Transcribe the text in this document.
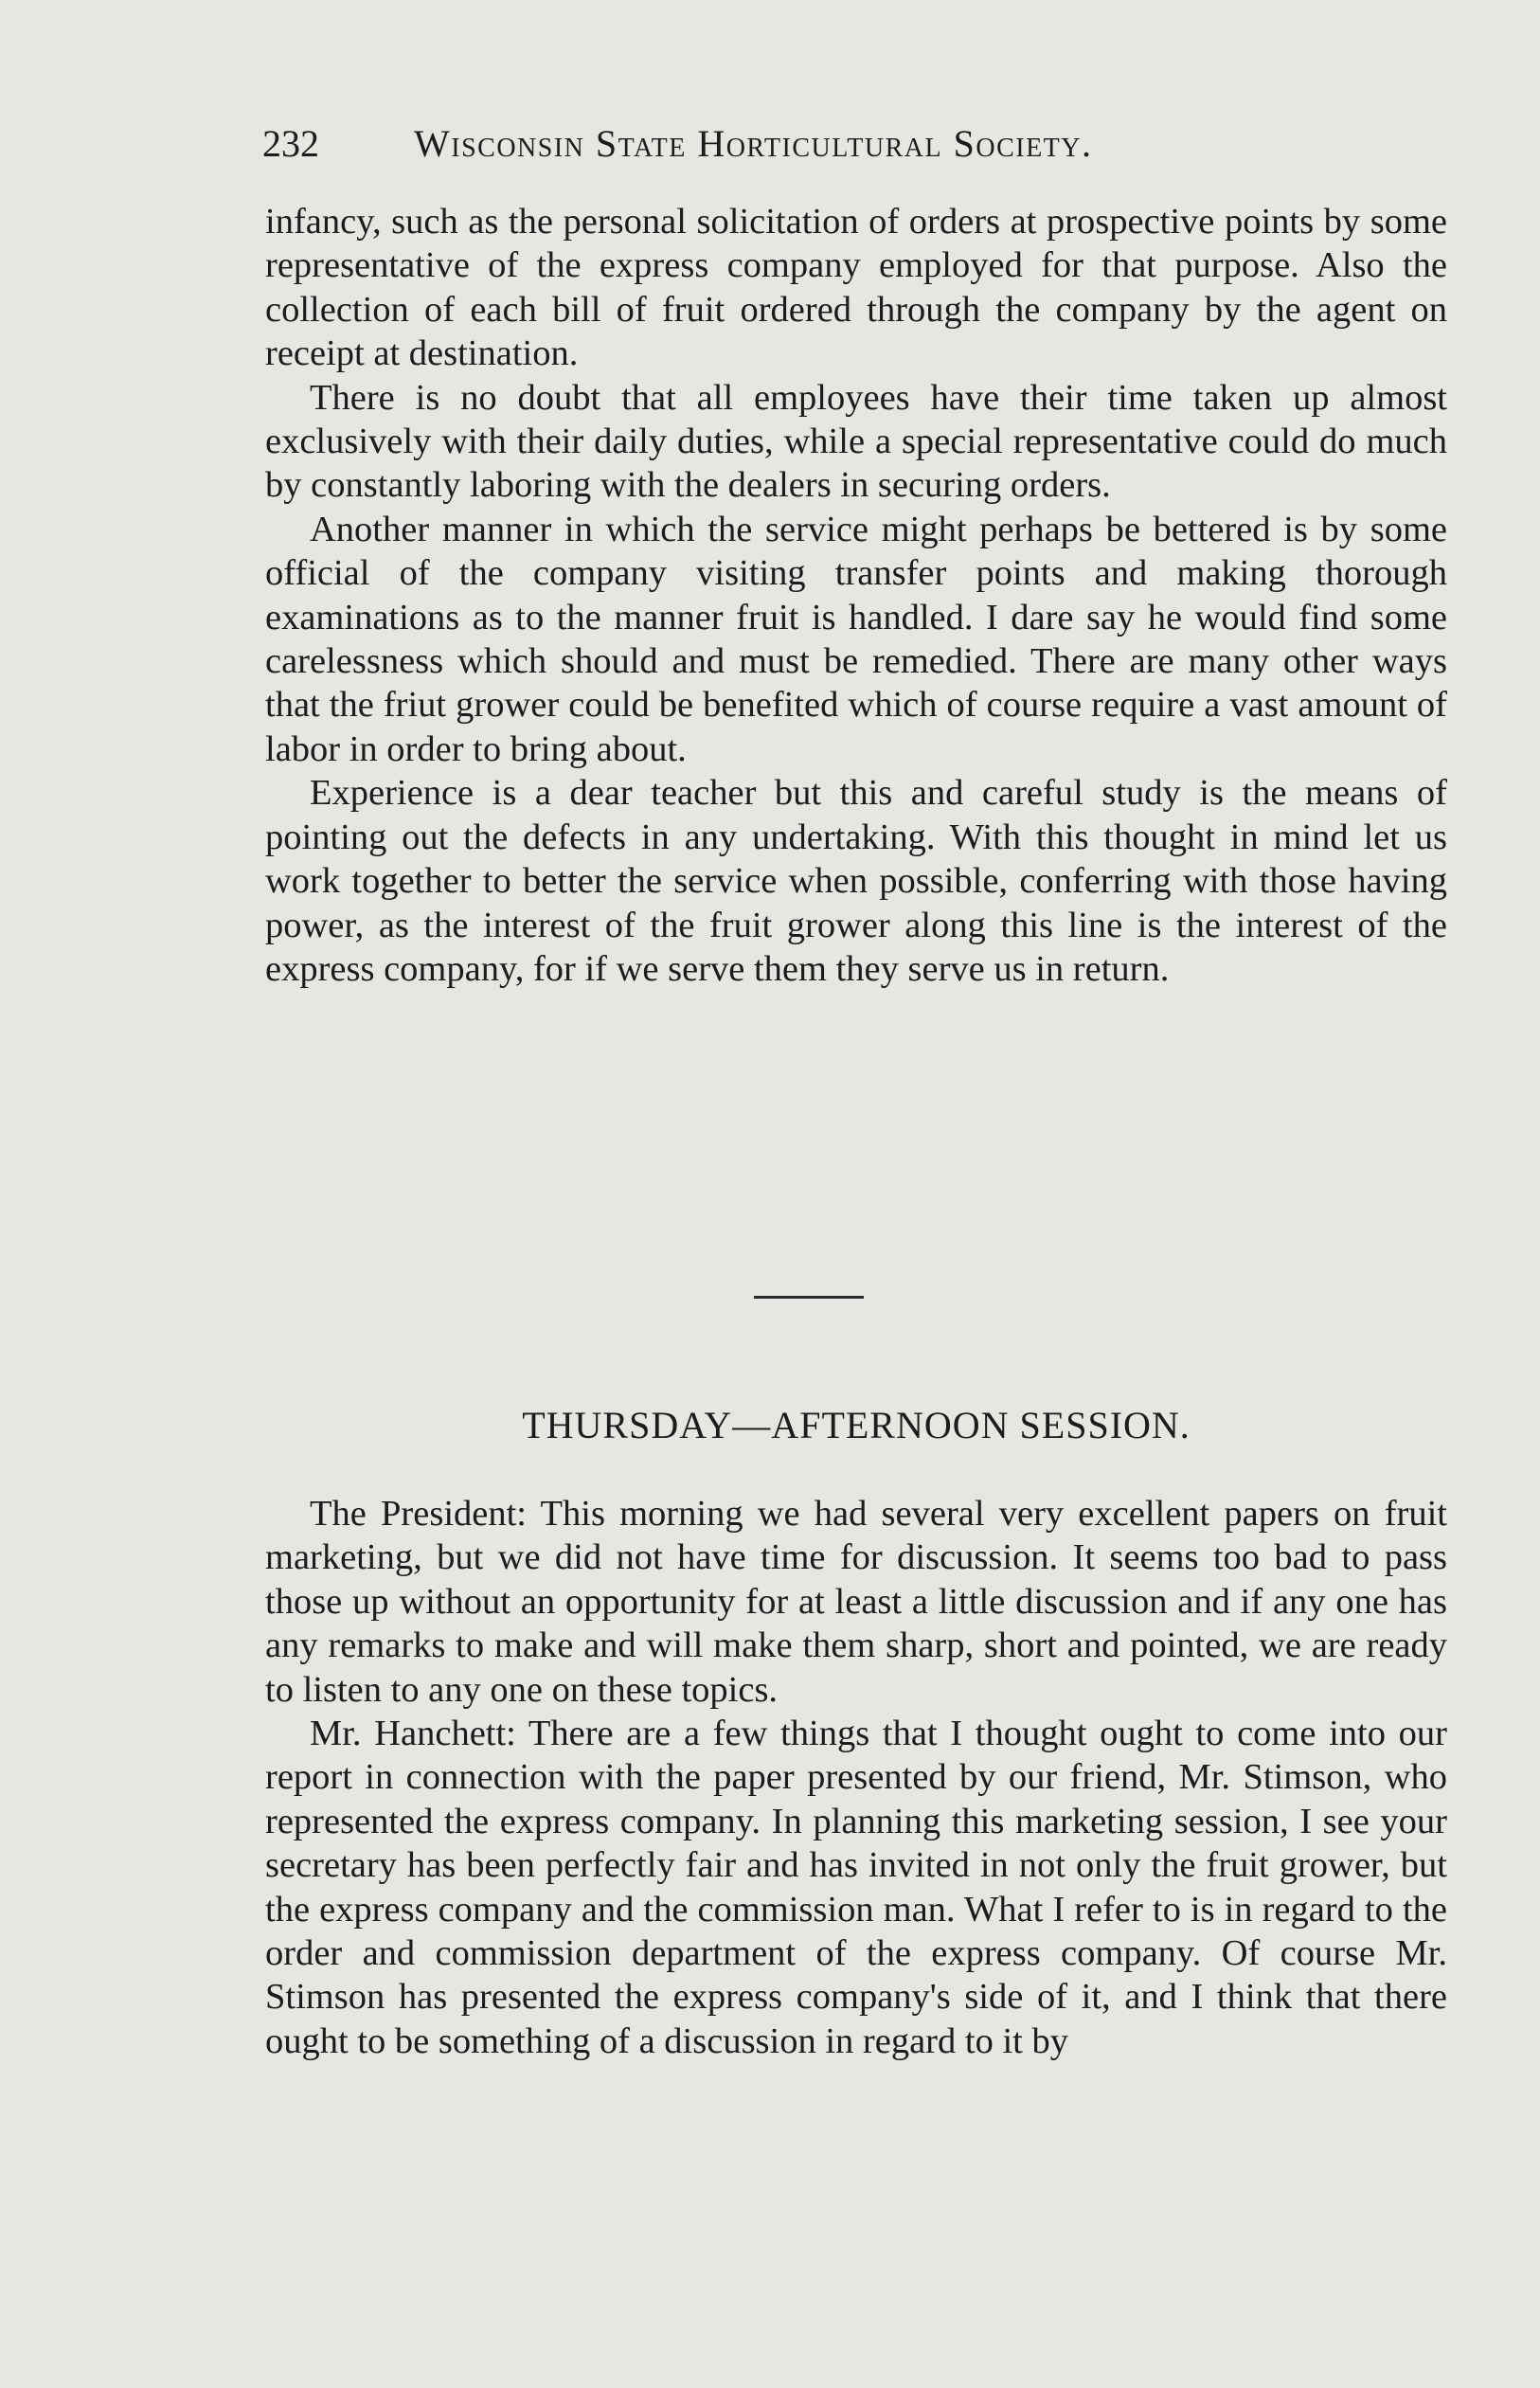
232	Wisconsin State Horticultural Society.

infancy, such as the personal solicitation of orders at prospective points by some representative of the express company employed for that purpose. Also the collection of each bill of fruit ordered through the company by the agent on receipt at destination.

There is no doubt that all employees have their time taken up almost exclusively with their daily duties, while a special representative could do much by constantly laboring with the dealers in securing orders.

Another manner in which the service might perhaps be bettered is by some official of the company visiting transfer points and making thorough examinations as to the manner fruit is handled. I dare say he would find some carelessness which should and must be remedied. There are many other ways that the friut grower could be benefited which of course require a vast amount of labor in order to bring about.

Experience is a dear teacher but this and careful study is the means of pointing out the defects in any undertaking. With this thought in mind let us work together to better the service when possible, conferring with those having power, as the interest of the fruit grower along this line is the interest of the express company, for if we serve them they serve us in return.

THURSDAY—AFTERNOON SESSION.

The President: This morning we had several very excellent papers on fruit marketing, but we did not have time for discussion. It seems too bad to pass those up without an opportunity for at least a little discussion and if any one has any remarks to make and will make them sharp, short and pointed, we are ready to listen to any one on these topics.

Mr. Hanchett: There are a few things that I thought ought to come into our report in connection with the paper presented by our friend, Mr. Stimson, who represented the express company. In planning this marketing session, I see your secretary has been perfectly fair and has invited in not only the fruit grower, but the express company and the commission man. What I refer to is in regard to the order and commission department of the express company. Of course Mr. Stimson has presented the express company's side of it, and I think that there ought to be something of a discussion in regard to it by
